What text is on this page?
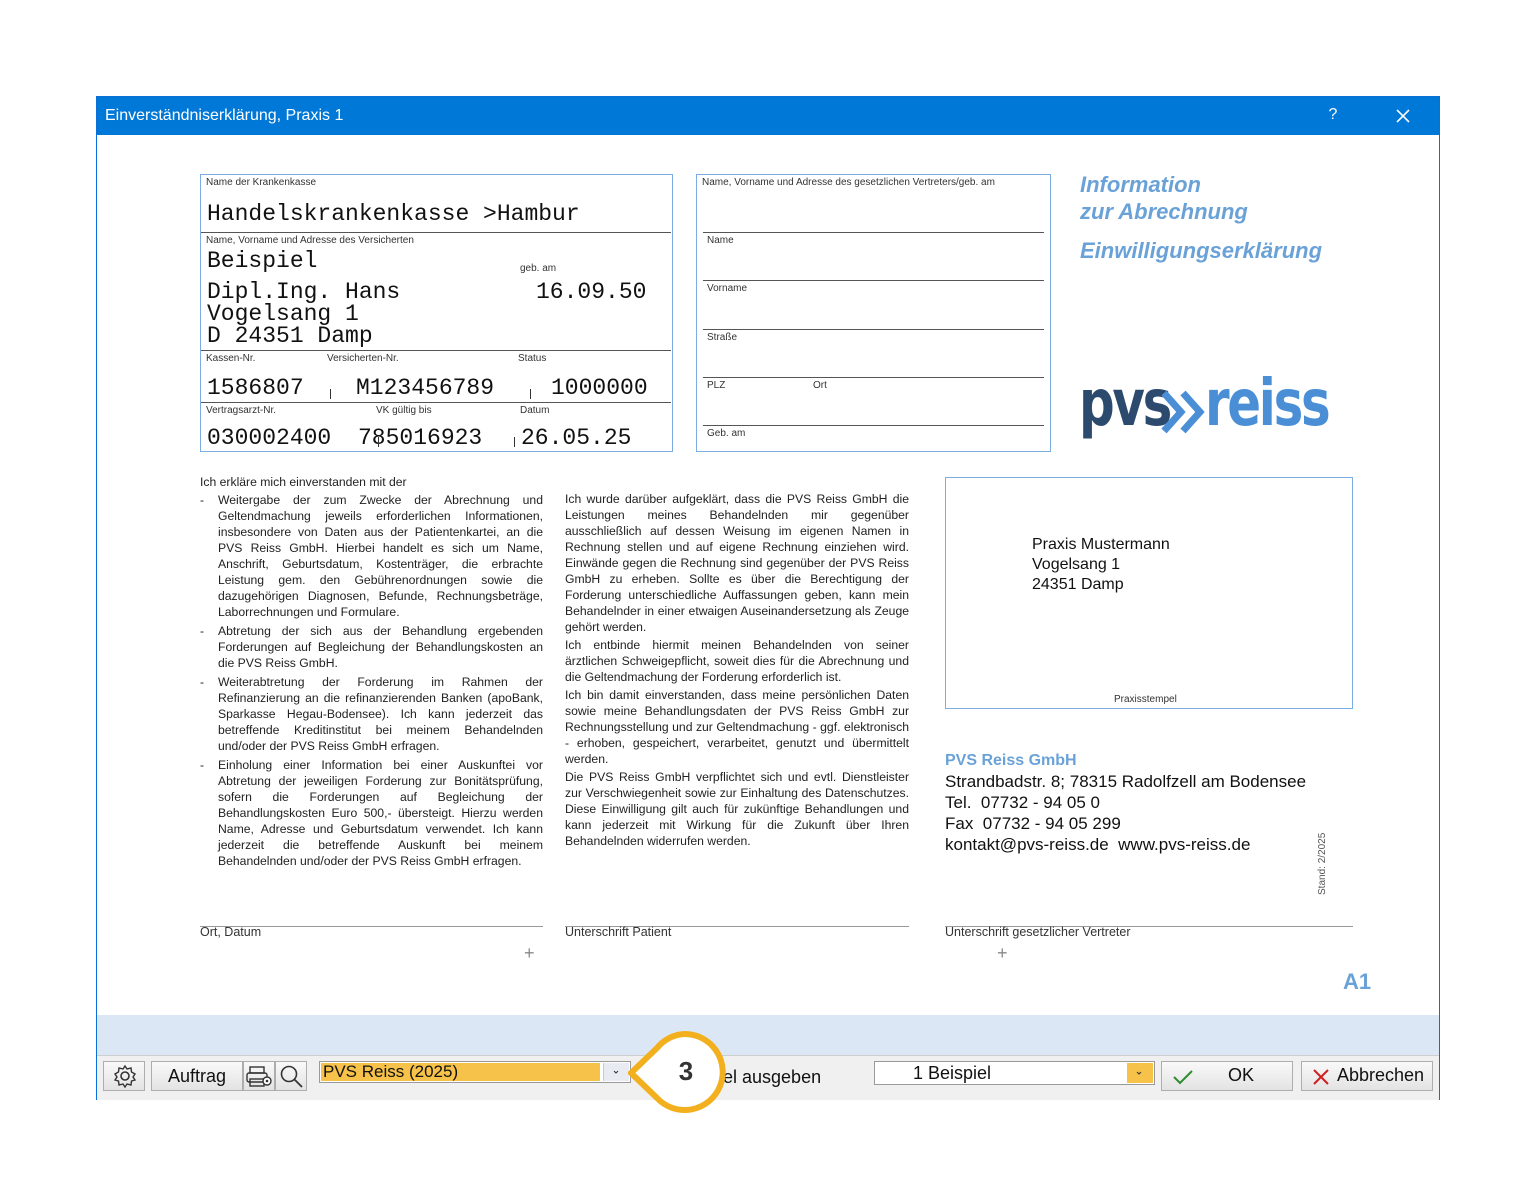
Einverständniserklärung, Praxis 1	?
Name der Krankenkasse
Handelskrankenkasse >Hambur
Name, Vorname und Adresse des Versicherten
Beispiel	geb. am
Dipl.Ing. Hans	16.09.50
Vogelsang 1
D 24351 Damp
Kassen-Nr.	Versicherten-Nr.	Status
1586807 M123456789 1000000
Vertragsarzt-Nr.	VK gültig bis	Datum
030002400 785016923 26.05.25
Name, Vorname und Adresse des gesetzlichen Vertreters/geb. am
Name
Vorname
Straße
PLZ	Ort
Geb. am
Information
zur Abrechnung
Einwilligungserklärung
pvs reiss

Ich erkläre mich einverstanden mit der

- Weitergabe der zum Zwecke der Abrechnung und Geltendmachung jeweils erforderlichen Informationen, insbesondere von Daten aus der Patientenkartei, an die PVS Reiss GmbH. Hierbei handelt es sich um Name, Anschrift, Geburtsdatum, Kostenträger, die erbrachte Leistung gem. den Gebührenordnungen sowie die dazugehörigen Diagnosen, Befunde, Rechnungsbeträge, Laborrechnungen und Formulare.

- Abtretung der sich aus der Behandlung ergebenden Forderungen auf Begleichung der Behandlungskosten an die PVS Reiss GmbH.

- Weiterabtretung der Forderung im Rahmen der Refinanzierung an die refinanzierenden Banken (apoBank, Sparkasse Hegau-Bodensee). Ich kann jederzeit das betreffende Kreditinstitut bei meinem Behandelnden und/oder der PVS Reiss GmbH erfragen.

- Einholung einer Information bei einer Auskunftei vor Abtretung der jeweiligen Forderung zur Bonitätsprüfung, sofern die Forderungen auf Begleichung der Behandlungskosten Euro 500,- übersteigt. Hierzu werden Name, Adresse und Geburtsdatum verwendet. Ich kann jederzeit die betreffende Auskunft bei meinem Behandelnden und/oder der PVS Reiss GmbH erfragen.

Ich wurde darüber aufgeklärt, dass die PVS Reiss GmbH die Leistungen meines Behandelnden mir gegenüber ausschließlich auf dessen Weisung im eigenen Namen in Rechnung stellen und auf eigene Rechnung einziehen wird. Einwände gegen die Rechnung sind gegenüber der PVS Reiss GmbH zu erheben. Sollte es über die Berechtigung der Forderung unterschiedliche Auffassungen geben, kann mein Behandelnder in einer etwaigen Auseinandersetzung als Zeuge gehört werden.

Ich entbinde hiermit meinen Behandelnden von seiner ärztlichen Schweigepflicht, soweit dies für die Abrechnung und die Geltendmachung der Forderung erforderlich ist.

Ich bin damit einverstanden, dass meine persönlichen Daten sowie meine Behandlungsdaten der PVS Reiss GmbH zur Rechnungsstellung und zur Geltendmachung - ggf. elektronisch - erhoben, gespeichert, verarbeitet, genutzt und übermittelt werden.

Die PVS Reiss GmbH verpflichtet sich und evtl. Dienstleister zur Verschwiegenheit sowie zur Einhaltung des Datenschutzes. Diese Einwilligung gilt auch für zukünftige Behandlungen und kann jederzeit mit Wirkung für die Zukunft über Ihren Behandelnden widerrufen werden.

Praxis Mustermann
Vogelsang 1
24351 Damp
Praxisstempel
PVS Reiss GmbH
Strandbadstr. 8; 78315 Radolfzell am Bodensee
Tel.  07732 - 94 05 0
Fax  07732 - 94 05 299
kontakt@pvs-reiss.de  www.pvs-reiss.de
Ort, Datum	Unterschrift Patient	Unterschrift gesetzlicher Vertreter
+	+
Stand: 2/2025
A1
Auftrag	PVS Reiss (2025)	el ausgeben	1 Beispiel	OK	Abbrechen
3
